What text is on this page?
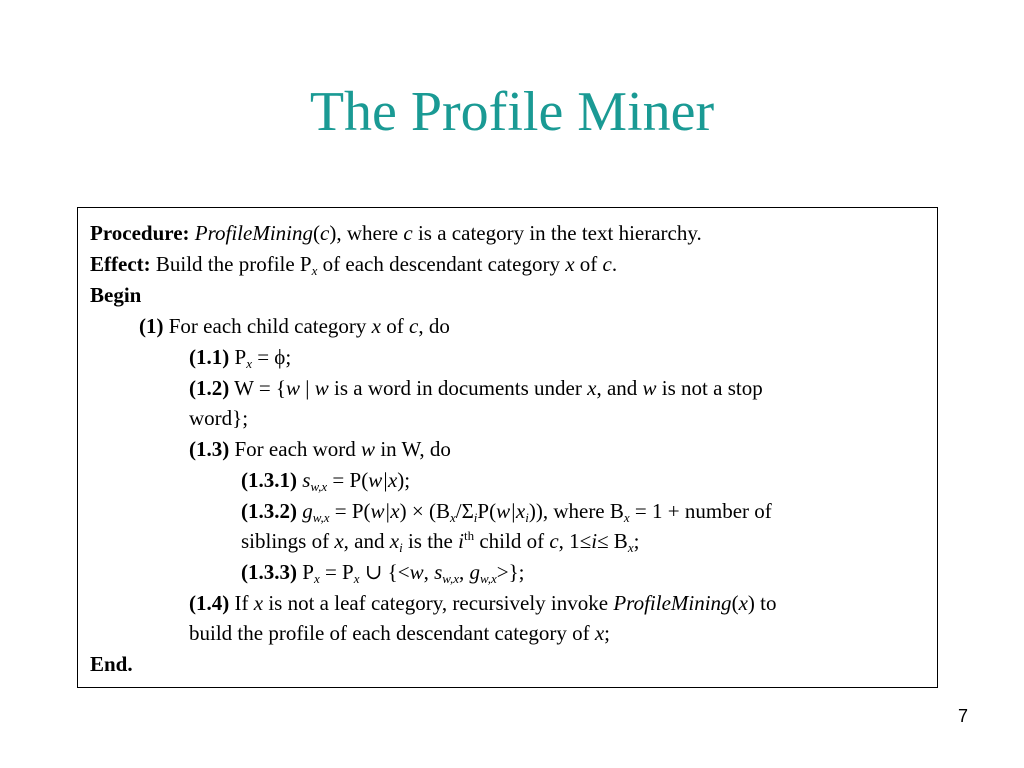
The Profile Miner
Procedure: ProfileMining(c), where c is a category in the text hierarchy.
Effect: Build the profile $P_x$ of each descendant category x of c.
Begin
(1) For each child category x of c, do
(1.1) $P_x = \phi$;
(1.2) W = {w | w is a word in documents under x, and w is not a stop
word};
(1.3) For each word w in W, do
(1.3.1) $s_{w,x} = P(w|x)$;
(1.3.2) $g_{w,x} = P(w|x) \times (B_x/\Sigma_iP(w|x_i))$, where $B_x = 1$ + number of
siblings of x, and $x_i$ is the $i^{th}$ child of c, $1\le i\le B_x$;
(1.3.3) $P_x = P_x$ ∪ {<w, $s_{w,x}$, $g_{w,x}>$};
(1.4) If x is not a leaf category, recursively invoke ProfileMining(x) to
build the profile of each descendant category of x;
End.
7
